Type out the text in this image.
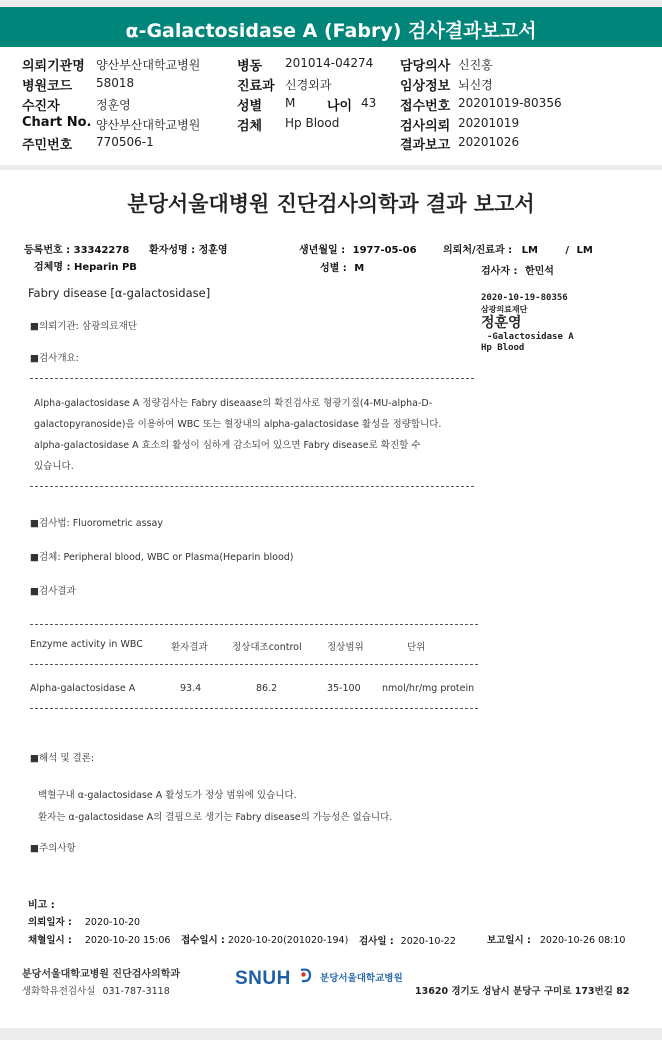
α-Galactosidase A (Fabry) 검사결과보고서
의뢰기관명 양산부산대학교병원	병동 201014-04274 담당의사 신진홍
병원코드 58018	진료과 신경외과	임상정보 뇌신경
수진자	정훈영	성별 M 나이 43 접수번호 20201019-80356
Chart No. 양산부산대학교병원	검체 Hp Blood	검사의뢰 20201019
주민번호 770506-1	결과보고 20201026
분당서울대병원 진단검사의학과 결과 보고서
등록번호 : 33342278 환자성명 : 정훈영	생년월일 : 1977-05-06	의뢰처/진료과 : LM	/ LM
검체명 : Heparin PB	성별 : M	검사자 : 한민석
Fabry disease [α-galactosidase]	2020-10-19-80356
삼광의료재단
정훈영
-Galactosidase A
Hp Blood
■의뢰기관: 삼광의료재단
■검사개요:
Alpha-galactosidase A 정량검사는 Fabry diseaase의 확진검사로 형광기질(4-MU-alpha-D-
galactopyranoside)을 이용하여 WBC 또는 혈장내의 alpha-galactosidase 활성을 정량합니다.
alpha-galactosidase A 효소의 활성이 심하게 감소되어 있으면 Fabry disease로 확진할 수
있습니다.
■검사법: Fluorometric assay
■검체: Peripheral blood, WBC or Plasma(Heparin blood)
■검사결과
Enzyme activity in WBC	환자결과	정상대조control	정상범위	단위
Alpha-galactosidase A	93.4	86.2	35-100 nmol/hr/mg protein
■해석 및 결론:
백혈구내 α-galactosidase A 활성도가 정상 범위에 있습니다.
환자는 α-galactosidase A의 결핍으로 생기는 Fabry disease의 가능성은 없습니다.
■주의사항
비고 :
의뢰일자 : 2020-10-20
채혈일시 : 2020-10-20 15:06 접수일시 : 2020-10-20(201020-194) 검사일 : 2020-10-22	보고일시 : 2020-10-26 08:10
분당서울대학교병원 진단검사의학과
생화학유전검사실 031-787-3118
SNUH	분당서울대학교병원
13620 경기도 성남시 분당구 구미로 173번길 82
